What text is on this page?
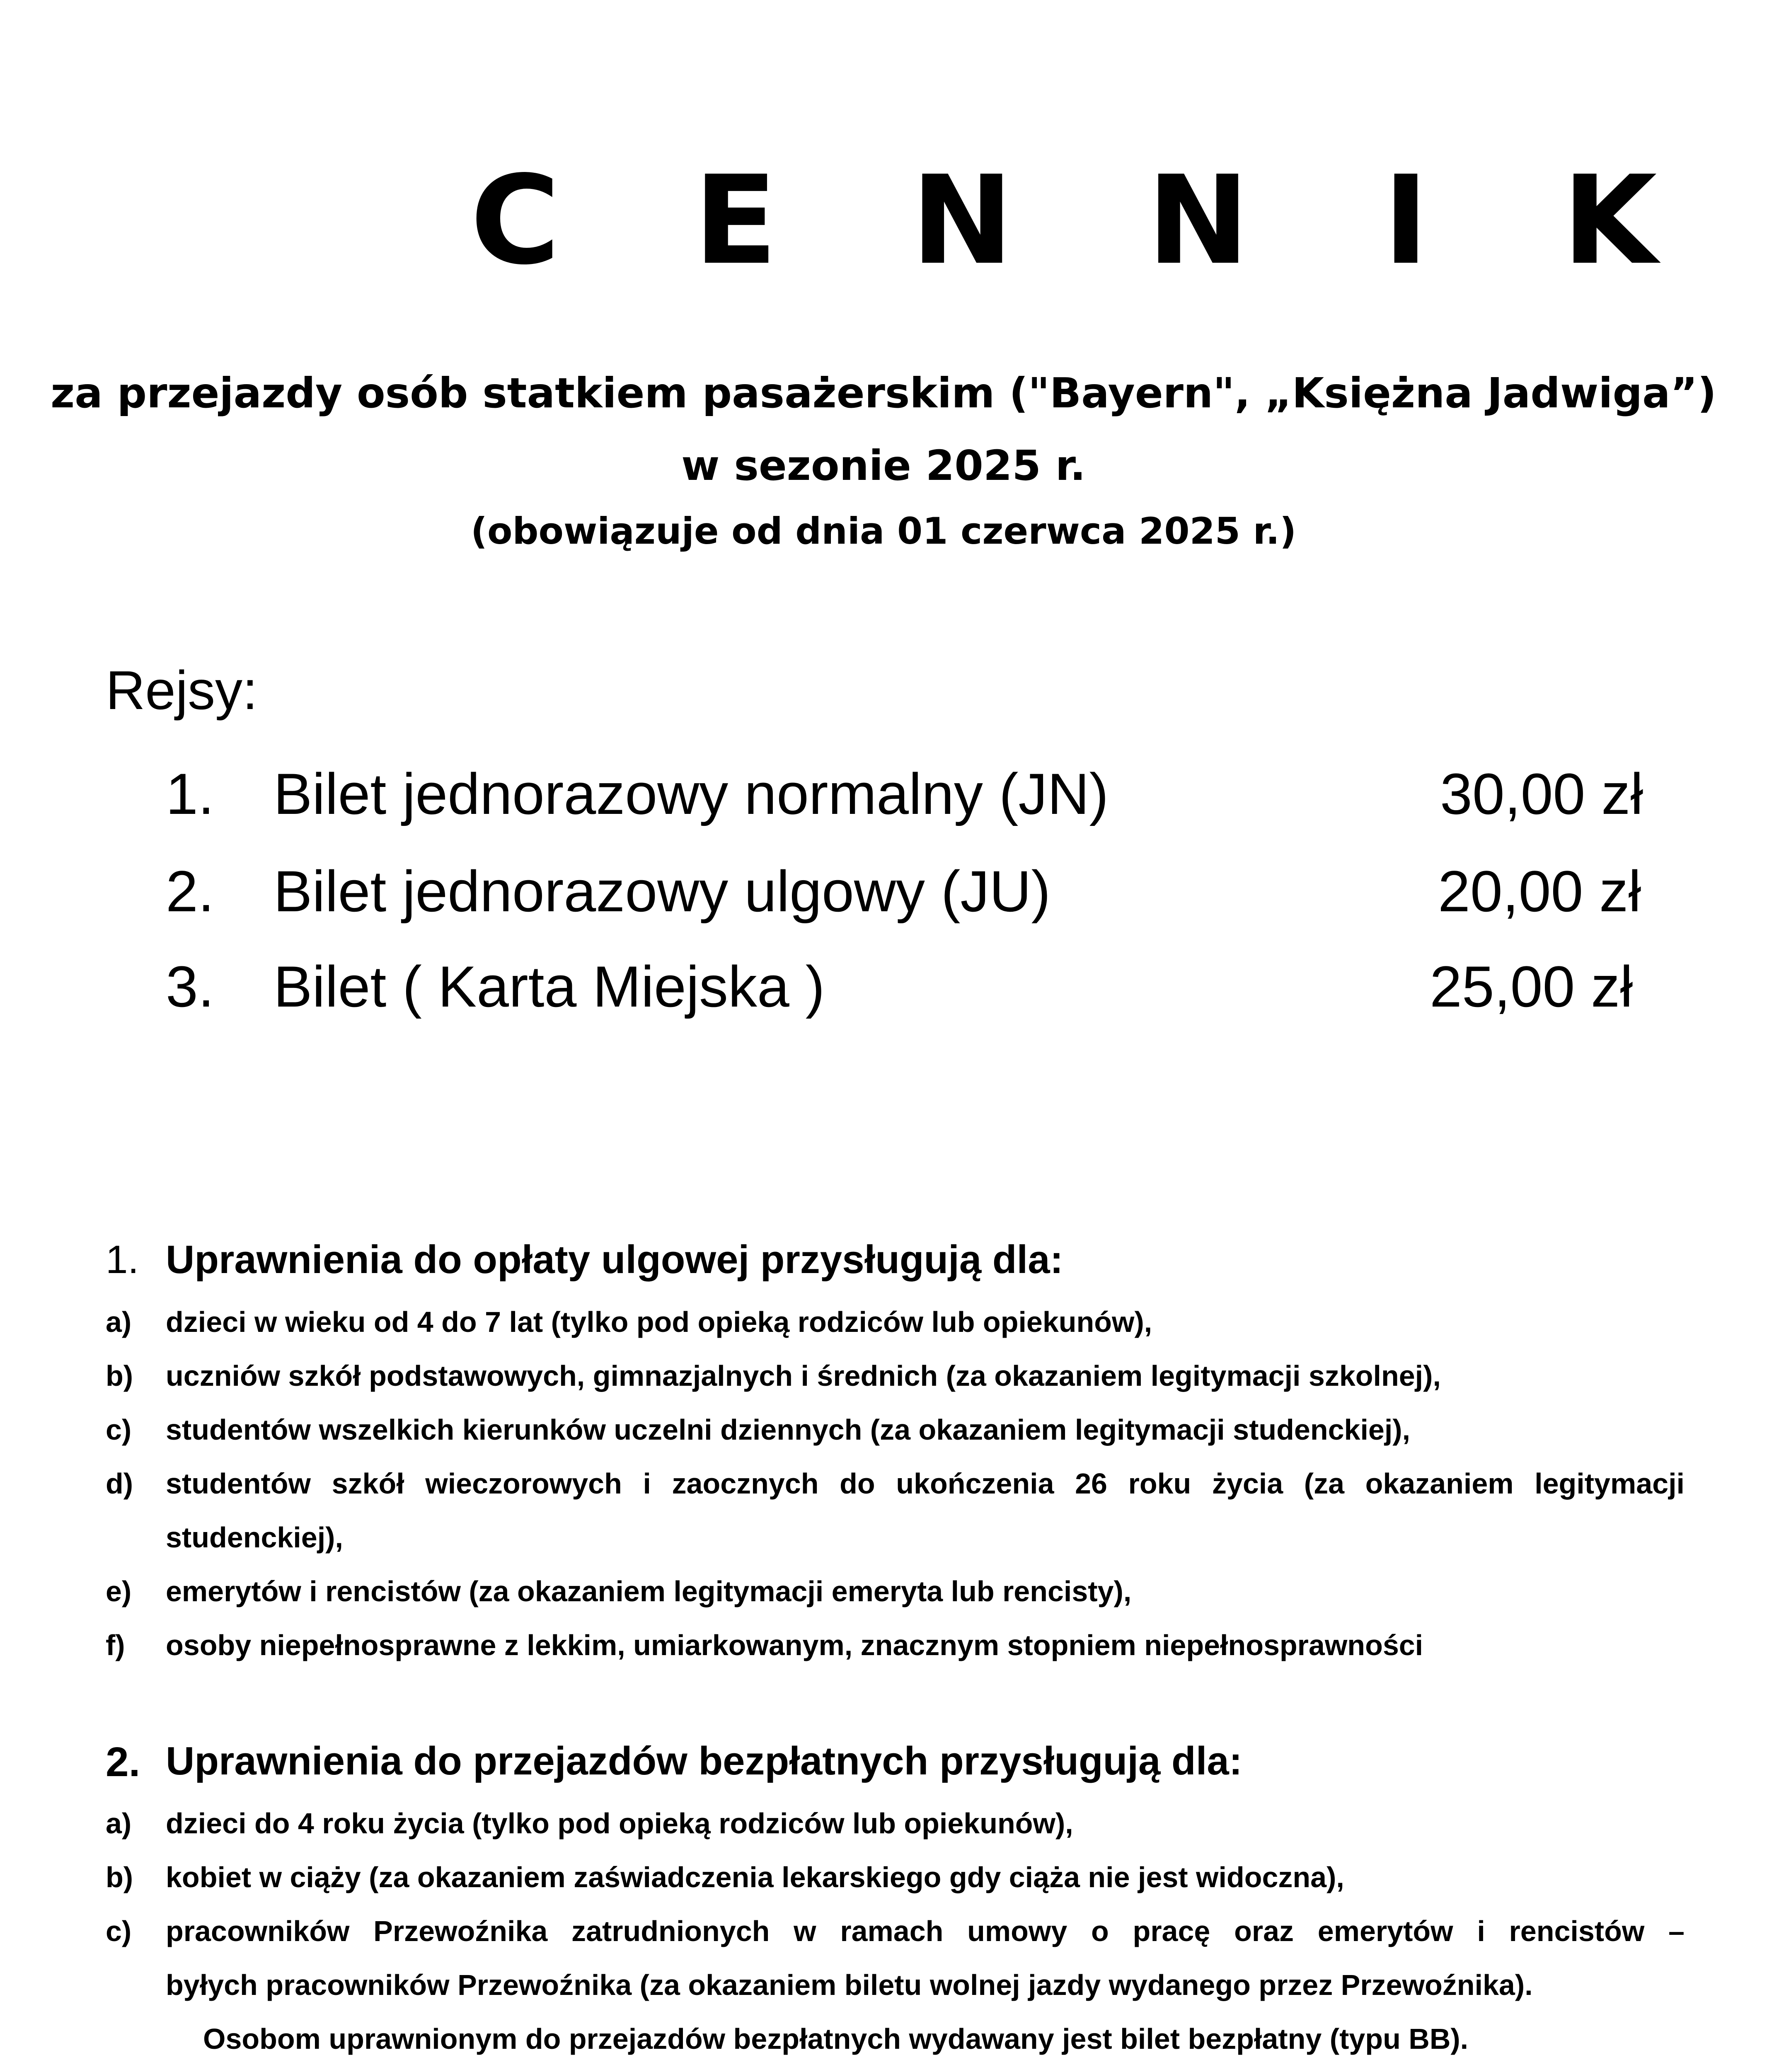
C E N N I K
za przejazdy osób statkiem pasażerskim ("Bayern", „Księżna Jadwiga”)
w sezonie 2025 r.
(obowiązuje od dnia 01 czerwca 2025 r.)
Rejsy:
1. Bilet jednorazowy normalny (JN)	30,00 zł
2. Bilet jednorazowy ulgowy (JU)	20,00 zł
3. Bilet ( Karta Miejska )	25,00 zł
1. Uprawnienia do opłaty ulgowej przysługują dla:
a) dzieci w wieku od 4 do 7 lat (tylko pod opieką rodziców lub opiekunów),
b) uczniów szkół podstawowych, gimnazjalnych i średnich (za okazaniem legitymacji szkolnej),
c) studentów wszelkich kierunków uczelni dziennych (za okazaniem legitymacji studenckiej),
d) studentów szkół wieczorowych i zaocznych do ukończenia 26 roku życia (za okazaniem legitymacji
studenckiej),
e) emerytów i rencistów (za okazaniem legitymacji emeryta lub rencisty),
f) osoby niepełnosprawne z lekkim, umiarkowanym, znacznym stopniem niepełnosprawności
2. Uprawnienia do przejazdów bezpłatnych przysługują dla:
a) dzieci do 4 roku życia (tylko pod opieką rodziców lub opiekunów),
b) kobiet w ciąży (za okazaniem zaświadczenia lekarskiego gdy ciąża nie jest widoczna),
c) pracowników Przewoźnika zatrudnionych w ramach umowy o pracę oraz emerytów i rencistów –
byłych pracowników Przewoźnika (za okazaniem biletu wolnej jazdy wydanego przez Przewoźnika).
Osobom uprawnionym do przejazdów bezpłatnych wydawany jest bilet bezpłatny (typu BB).
